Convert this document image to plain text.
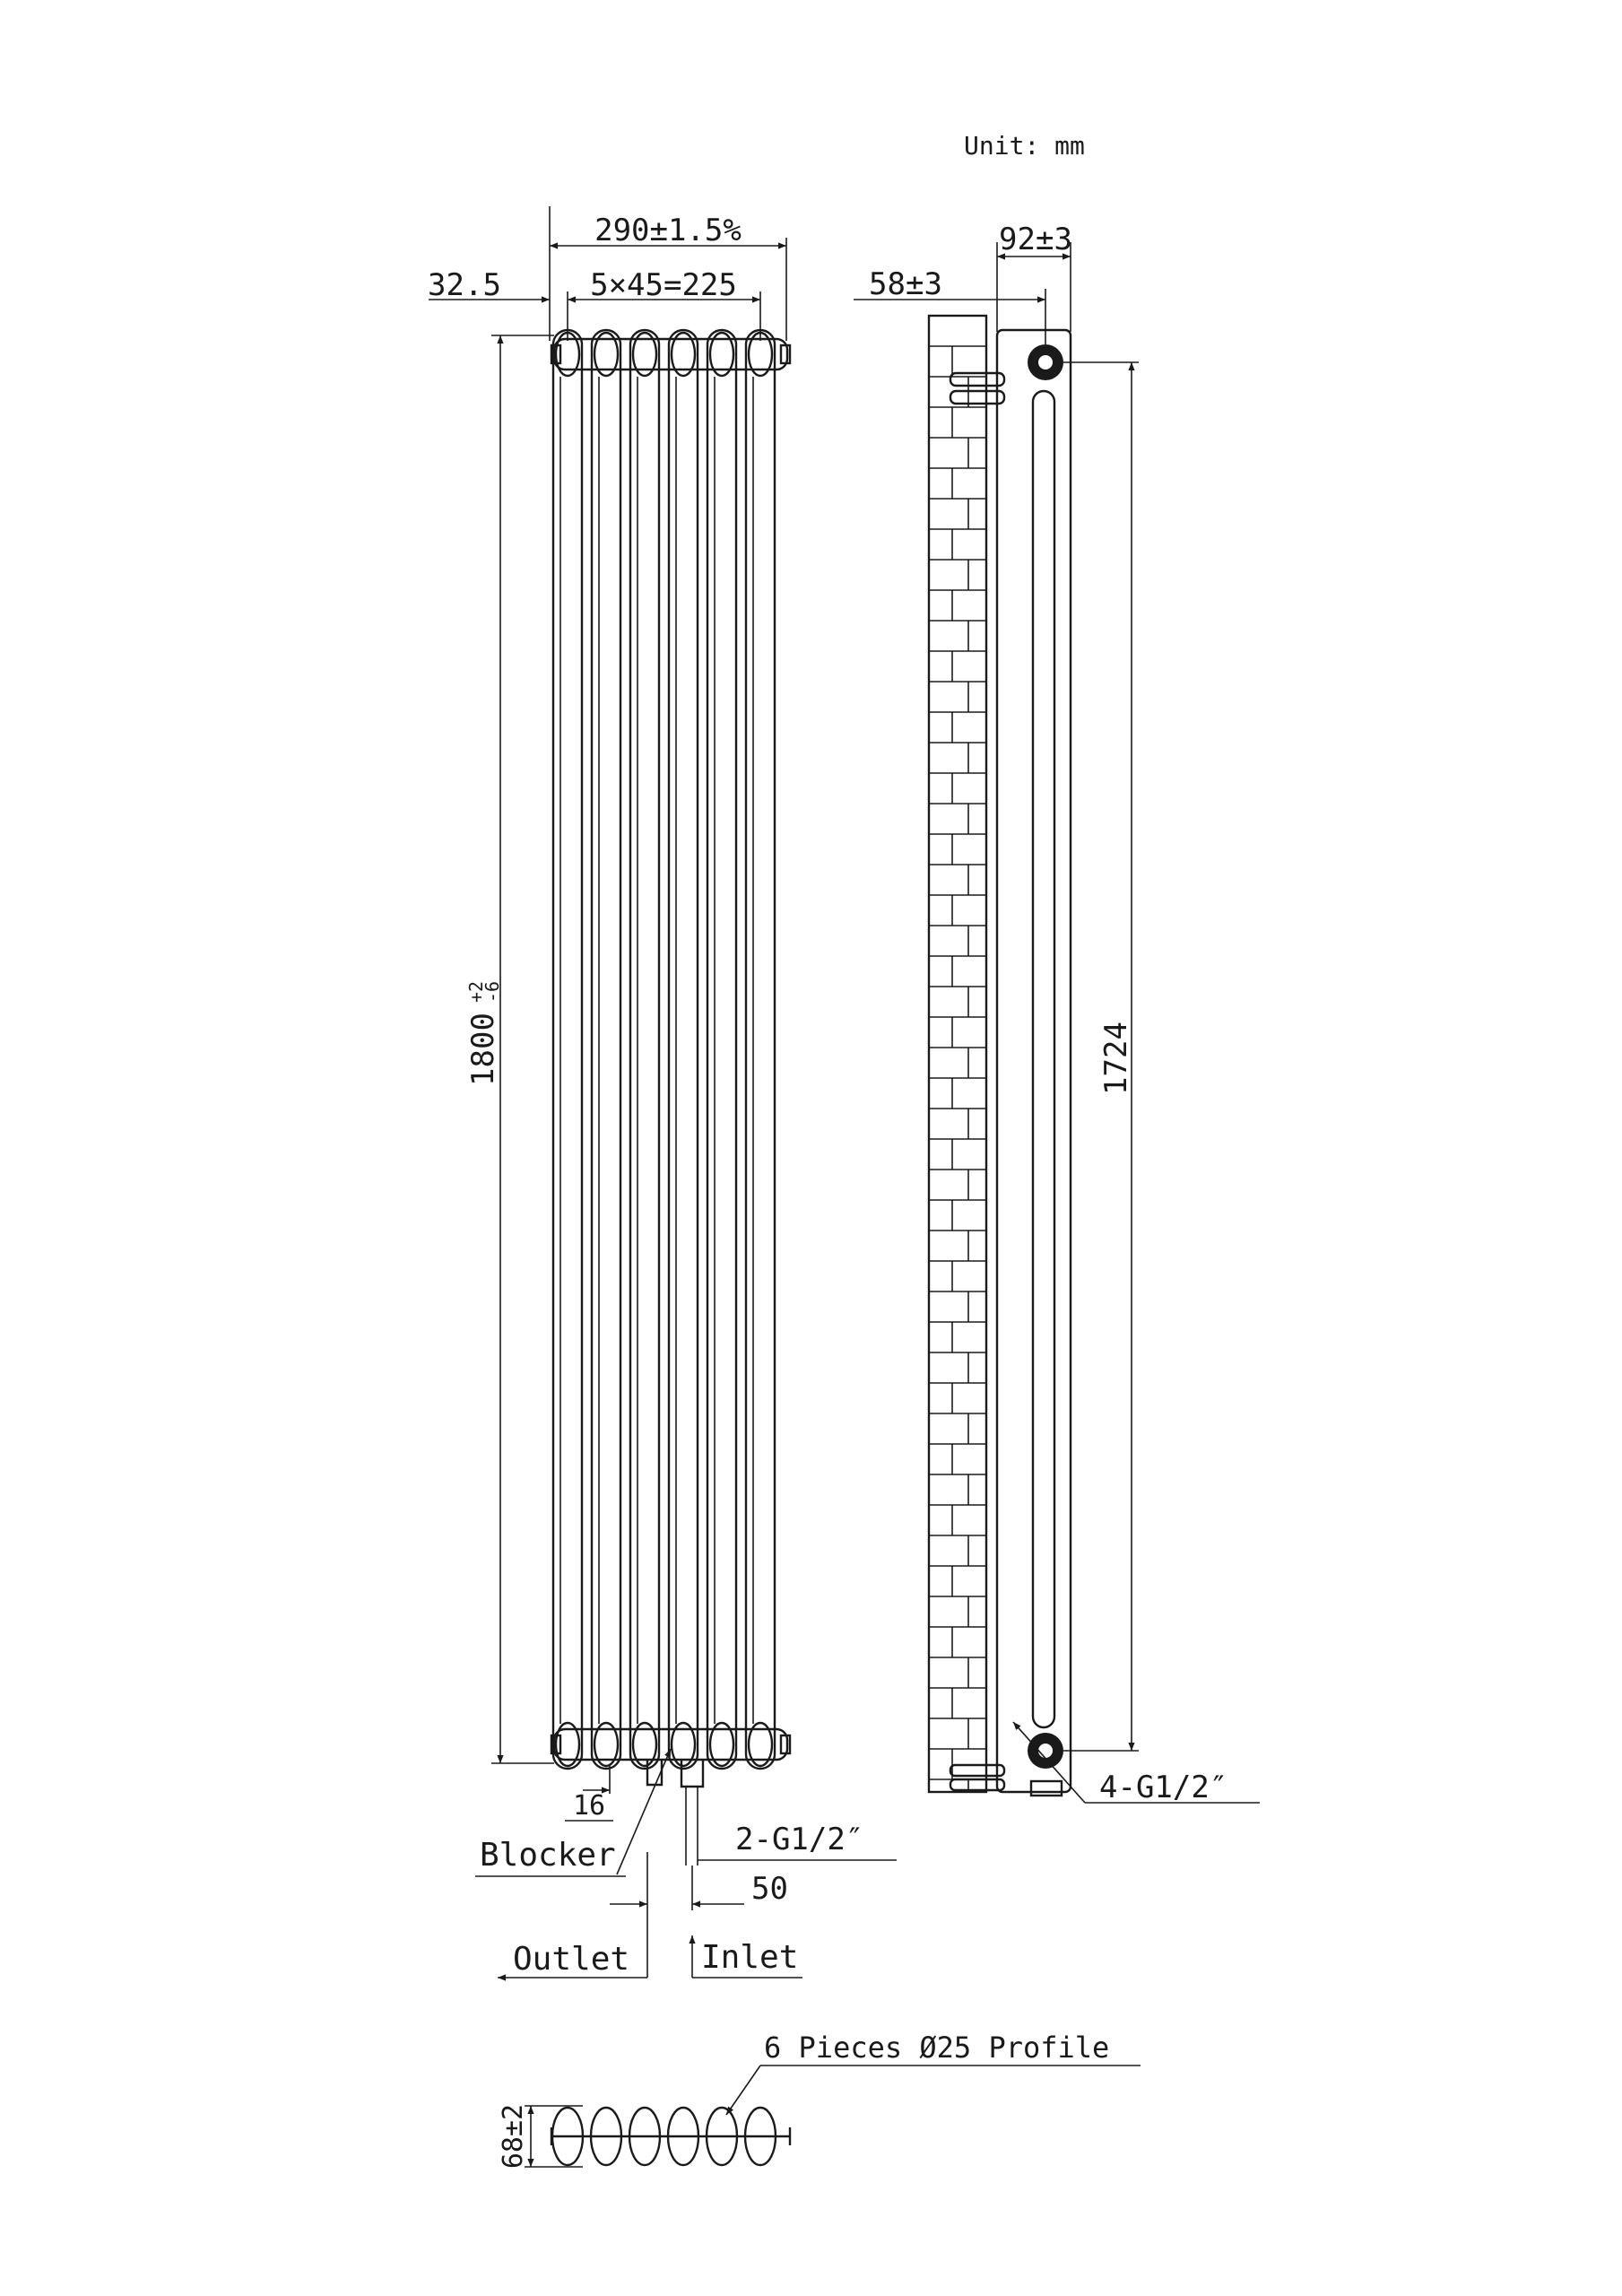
Unit: mm
290±1.5%
5×45=225
32.5
1800
+2
-6
16
Blocker	2-G1/2″
50
Outlet Inlet
92±3
58±3
1724
4-G1/2″
68±2
6 Pieces Ø25 Profile
